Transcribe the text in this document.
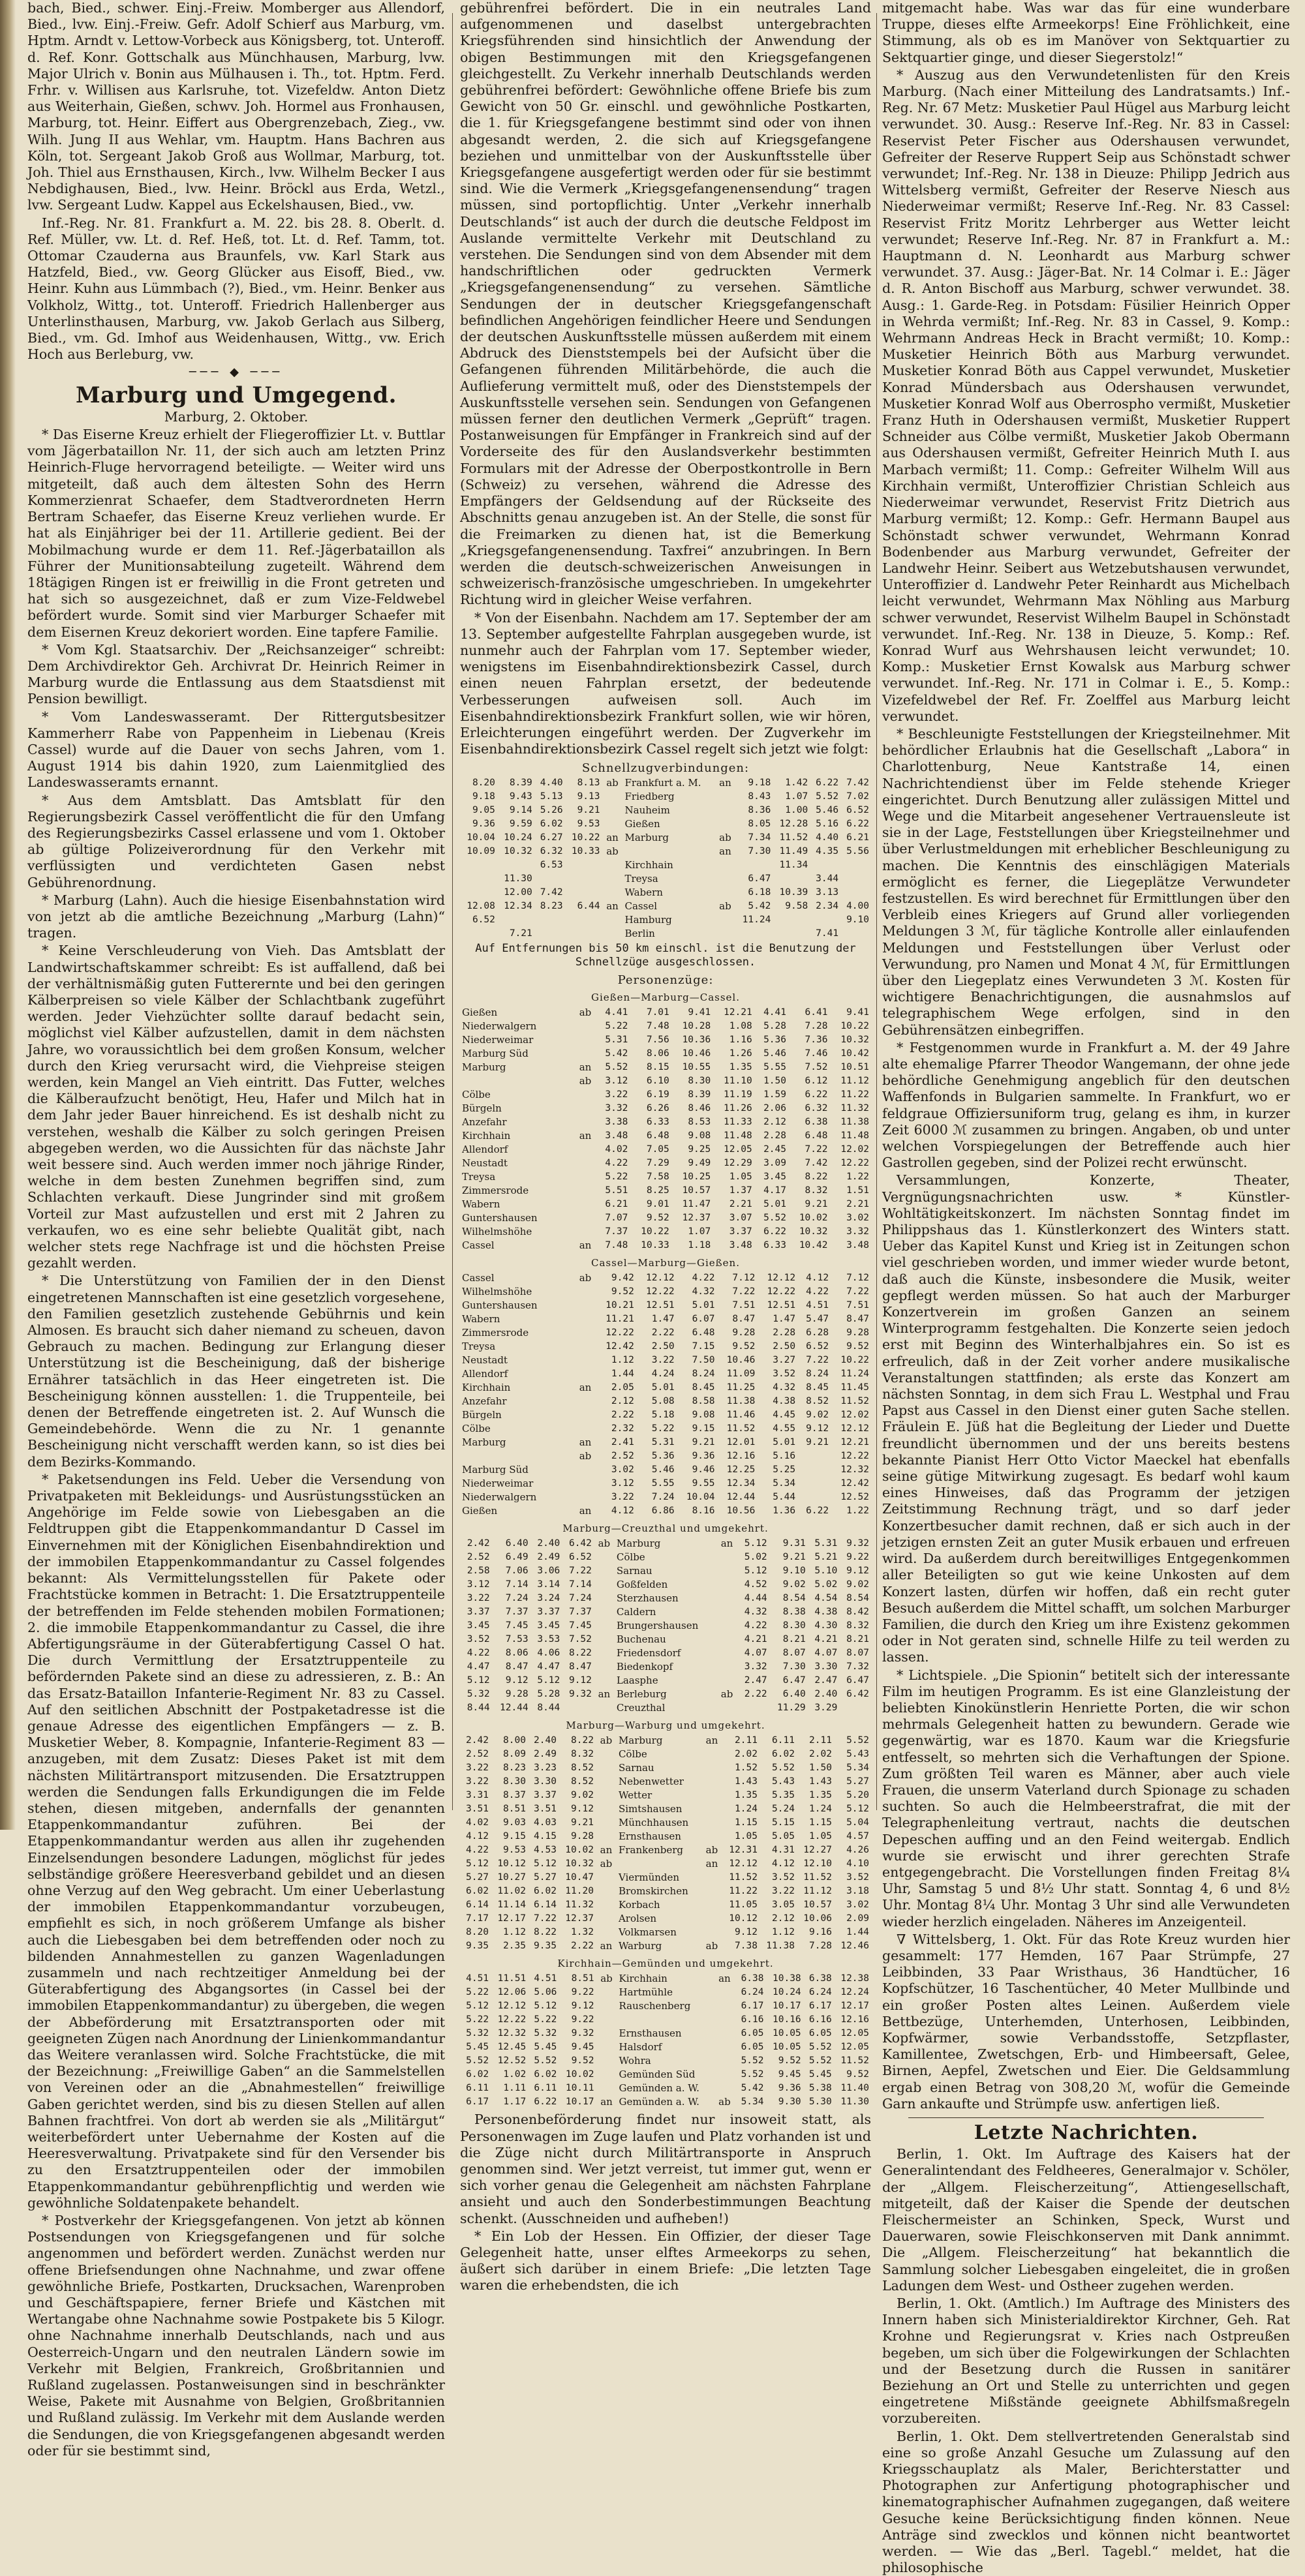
bach, Bied., schwer. Einj.-Freiw. Momberger aus Allendorf, Bied., lvw. Einj.-Freiw. Gefr. Adolf Schierf aus Marburg, vm. Hptm. Arndt v. Lettow-Vorbeck aus Königsberg, tot. Unteroff. d. Ref. Konr. Gottschalk aus Münchhausen, Marburg, lvw. Major Ulrich v. Bonin aus Mülhausen i. Th., tot. Hptm. Ferd. Frhr. v. Willisen aus Karlsruhe, tot. Vizefeldw. Anton Dietz aus Weiterhain, Gießen, schwv. Joh. Hormel aus Fronhausen, Marburg, tot. Heinr. Eiffert aus Obergrenzebach, Zieg., vw. Wilh. Jung II aus Wehlar, vm. Hauptm. Hans Bachren aus Köln, tot. Sergeant Jakob Groß aus Wollmar, Marburg, tot. Joh. Thiel aus Ernsthausen, Kirch., lvw. Wilhelm Becker I aus Nebdighausen, Bied., lvw. Heinr. Bröckl aus Erda, Wetzl., lvw. Sergeant Ludw. Kappel aus Eckelshausen, Bied., vw.

Inf.-Reg. Nr. 81. Frankfurt a. M. 22. bis 28. 8. Oberlt. d. Ref. Müller, vw. Lt. d. Ref. Heß, tot. Lt. d. Ref. Tamm, tot. Ottomar Czauderna aus Braunfels, vw. Karl Stark aus Hatzfeld, Bied., vw. Georg Glücker aus Eisoff, Bied., vw. Heinr. Kuhn aus Lümmbach (?), Bied., vm. Heinr. Benker aus Volkholz, Wittg., tot. Unteroff. Friedrich Hallenberger aus Unterlinsthausen, Marburg, vw. Jakob Gerlach aus Silberg, Bied., vm. Gd. Imhof aus Weidenhausen, Wittg., vw. Erich Hoch aus Berleburg, vw.

─── ◆ ───
Marburg und Umgegend.

Marburg, 2. Oktober.

* Das Eiserne Kreuz erhielt der Fliegeroffizier Lt. v. Buttlar vom Jägerbataillon Nr. 11, der sich auch am letzten Prinz Heinrich-Fluge hervorragend beteiligte. — Weiter wird uns mitgeteilt, daß auch dem ältesten Sohn des Herrn Kommerzienrat Schaefer, dem Stadtverordneten Herrn Bertram Schaefer, das Eiserne Kreuz verliehen wurde. Er hat als Einjähriger bei der 11. Artillerie gedient. Bei der Mobilmachung wurde er dem 11. Ref.-Jägerbataillon als Führer der Munitionsabteilung zugeteilt. Während dem 18tägigen Ringen ist er freiwillig in die Front getreten und hat sich so ausgezeichnet, daß er zum Vize-Feldwebel befördert wurde. Somit sind vier Marburger Schaefer mit dem Eisernen Kreuz dekoriert worden. Eine tapfere Familie.

* Vom Kgl. Staatsarchiv. Der „Reichsanzeiger“ schreibt: Dem Archivdirektor Geh. Archivrat Dr. Heinrich Reimer in Marburg wurde die Entlassung aus dem Staatsdienst mit Pension bewilligt.

* Vom Landeswasseramt. Der Rittergutsbesitzer Kammerherr Rabe von Pappenheim in Liebenau (Kreis Cassel) wurde auf die Dauer von sechs Jahren, vom 1. August 1914 bis dahin 1920, zum Laienmitglied des Landeswasseramts ernannt.

* Aus dem Amtsblatt. Das Amtsblatt für den Regierungsbezirk Cassel veröffentlicht die für den Umfang des Regierungsbezirks Cassel erlassene und vom 1. Oktober ab gültige Polizeiverordnung für den Verkehr mit verflüssigten und verdichteten Gasen nebst Gebührenordnung.

* Marburg (Lahn). Auch die hiesige Eisenbahnstation wird von jetzt ab die amtliche Bezeichnung „Marburg (Lahn)“ tragen.

* Keine Verschleuderung von Vieh. Das Amtsblatt der Landwirtschaftskammer schreibt: Es ist auffallend, daß bei der verhältnismäßig guten Futterernte und bei den geringen Kälberpreisen so viele Kälber der Schlachtbank zugeführt werden. Jeder Viehzüchter sollte darauf bedacht sein, möglichst viel Kälber aufzustellen, damit in dem nächsten Jahre, wo voraussichtlich bei dem großen Konsum, welcher durch den Krieg verursacht wird, die Viehpreise steigen werden, kein Mangel an Vieh eintritt. Das Futter, welches die Kälberaufzucht benötigt, Heu, Hafer und Milch hat in dem Jahr jeder Bauer hinreichend. Es ist deshalb nicht zu verstehen, weshalb die Kälber zu solch geringen Preisen abgegeben werden, wo die Aussichten für das nächste Jahr weit bessere sind. Auch werden immer noch jährige Rinder, welche in dem besten Zunehmen begriffen sind, zum Schlachten verkauft. Diese Jungrinder sind mit großem Vorteil zur Mast aufzustellen und erst mit 2 Jahren zu verkaufen, wo es eine sehr beliebte Qualität gibt, nach welcher stets rege Nachfrage ist und die höchsten Preise gezahlt werden.

* Die Unterstützung von Familien der in den Dienst eingetretenen Mannschaften ist eine gesetzlich vorgesehene, den Familien gesetzlich zustehende Gebührnis und kein Almosen. Es braucht sich daher niemand zu scheuen, davon Gebrauch zu machen. Bedingung zur Erlangung dieser Unterstützung ist die Bescheinigung, daß der bisherige Ernährer tatsächlich in das Heer eingetreten ist. Die Bescheinigung können ausstellen: 1. die Truppenteile, bei denen der Betreffende eingetreten ist. 2. Auf Wunsch die Gemeindebehörde. Wenn die zu Nr. 1 genannte Bescheinigung nicht verschafft werden kann, so ist dies bei dem Bezirks-Kommando.

* Paketsendungen ins Feld. Ueber die Versendung von Privatpaketen mit Bekleidungs- und Ausrüstungsstücken an Angehörige im Felde sowie von Liebesgaben an die Feldtruppen gibt die Etappenkommandantur D Cassel im Einvernehmen mit der Königlichen Eisenbahndirektion und der immobilen Etappenkommandantur zu Cassel folgendes bekannt: Als Vermittelungsstellen für Pakete oder Frachtstücke kommen in Betracht: 1. Die Ersatztruppenteile der betreffenden im Felde stehenden mobilen Formationen; 2. die immobile Etappenkommandantur zu Cassel, die ihre Abfertigungsräume in der Güterabfertigung Cassel O hat. Die durch Vermittlung der Ersatztruppenteile zu befördernden Pakete sind an diese zu adressieren, z. B.: An das Ersatz-Bataillon Infanterie-Regiment Nr. 83 zu Cassel. Auf den seitlichen Abschnitt der Postpaketadresse ist die genaue Adresse des eigentlichen Empfängers — z. B. Musketier Weber, 8. Kompagnie, Infanterie-Regiment 83 — anzugeben, mit dem Zusatz: Dieses Paket ist mit dem nächsten Militärtransport mitzusenden. Die Ersatztruppen werden die Sendungen falls Erkundigungen die im Felde stehen, diesen mitgeben, andernfalls der genannten Etappenkommandantur zuführen. Bei der Etappenkommandantur werden aus allen ihr zugehenden Einzelsendungen besondere Ladungen, möglichst für jedes selbständige größere Heeresverband gebildet und an diesen ohne Verzug auf den Weg gebracht. Um einer Ueberlastung der immobilen Etappenkommandantur vorzubeugen, empfiehlt es sich, in noch größerem Umfange als bisher auch die Liebesgaben bei dem betreffenden oder noch zu bildenden Annahmestellen zu ganzen Wagenladungen zusammeln und nach rechtzeitiger Anmeldung bei der Güterabfertigung des Abgangsortes (in Cassel bei der immobilen Etappenkommandantur) zu übergeben, die wegen der Abbeförderung mit Ersatztransporten oder mit geeigneten Zügen nach Anordnung der Linienkommandantur das Weitere veranlassen wird. Solche Frachtstücke, die mit der Bezeichnung: „Freiwillige Gaben“ an die Sammelstellen von Vereinen oder an die „Abnahmestellen“ freiwillige Gaben gerichtet werden, sind bis zu diesen Stellen auf allen Bahnen frachtfrei. Von dort ab werden sie als „Militärgut“ weiterbefördert unter Uebernahme der Kosten auf die Heeresverwaltung. Privatpakete sind für den Versender bis zu den Ersatztruppenteilen oder der immobilen Etappenkommandantur gebührenpflichtig und werden wie gewöhnliche Soldatenpakete behandelt.

* Postverkehr der Kriegsgefangenen. Von jetzt ab können Postsendungen von Kriegsgefangenen und für solche angenommen und befördert werden. Zunächst werden nur offene Briefsendungen ohne Nachnahme, und zwar offene gewöhnliche Briefe, Postkarten, Drucksachen, Warenproben und Geschäftspapiere, ferner Briefe und Kästchen mit Wertangabe ohne Nachnahme sowie Postpakete bis 5 Kilogr. ohne Nachnahme innerhalb Deutschlands, nach und aus Oesterreich-Ungarn und den neutralen Ländern sowie im Verkehr mit Belgien, Frankreich, Großbritannien und Rußland zugelassen. Postanweisungen sind in beschränkter Weise, Pakete mit Ausnahme von Belgien, Großbritannien und Rußland zulässig. Im Verkehr mit dem Auslande werden die Sendungen, die von Kriegsgefangenen abgesandt werden oder für sie bestimmt sind,

gebührenfrei befördert. Die in ein neutrales Land aufgenommenen und daselbst untergebrachten Kriegsführenden sind hinsichtlich der Anwendung der obigen Bestimmungen mit den Kriegsgefangenen gleichgestellt. Zu Verkehr innerhalb Deutschlands werden gebührenfrei befördert: Gewöhnliche offene Briefe bis zum Gewicht von 50 Gr. einschl. und gewöhnliche Postkarten, die 1. für Kriegsgefangene bestimmt sind oder von ihnen abgesandt werden, 2. die sich auf Kriegsgefangene beziehen und unmittelbar von der Auskunftsstelle über Kriegsgefangene ausgefertigt werden oder für sie bestimmt sind. Wie die Vermerk „Kriegsgefangenensendung“ tragen müssen, sind portopflichtig. Unter „Verkehr innerhalb Deutschlands“ ist auch der durch die deutsche Feldpost im Auslande vermittelte Verkehr mit Deutschland zu verstehen. Die Sendungen sind von dem Absender mit dem handschriftlichen oder gedruckten Vermerk „Kriegsgefangenensendung“ zu versehen. Sämtliche Sendungen der in deutscher Kriegsgefangenschaft befindlichen Angehörigen feindlicher Heere und Sendungen der deutschen Auskunftsstelle müssen außerdem mit einem Abdruck des Dienststempels bei der Aufsicht über die Gefangenen führenden Militärbehörde, die auch die Auflieferung vermittelt muß, oder des Dienststempels der Auskunftsstelle versehen sein. Sendungen von Gefangenen müssen ferner den deutlichen Vermerk „Geprüft“ tragen. Postanweisungen für Empfänger in Frankreich sind auf der Vorderseite des für den Auslandsverkehr bestimmten Formulars mit der Adresse der Oberpostkontrolle in Bern (Schweiz) zu versehen, während die Adresse des Empfängers der Geldsendung auf der Rückseite des Abschnitts genau anzugeben ist. An der Stelle, die sonst für die Freimarken zu dienen hat, ist die Bemerkung „Kriegsgefangenensendung. Taxfrei“ anzubringen. In Bern werden die deutsch-schweizerischen Anweisungen in schweizerisch-französische umgeschrieben. In umgekehrter Richtung wird in gleicher Weise verfahren.

* Von der Eisenbahn. Nachdem am 17. September der am 13. September aufgestellte Fahrplan ausgegeben wurde, ist nunmehr auch der Fahrplan vom 17. September wieder, wenigstens im Eisenbahndirektionsbezirk Cassel, durch einen neuen Fahrplan ersetzt, der bedeutende Verbesserungen aufweisen soll. Auch im Eisenbahndirektionsbezirk Frankfurt sollen, wie wir hören, Erleichterungen eingeführt werden. Der Zugverkehr im Eisenbahndirektionsbezirk Cassel regelt sich jetzt wie folgt:

Schnellzugverbindungen:
8.20	8.39	4.40	8.13	ab	Frankfurt a. M.	an	9.18	1.42	6.22	7.42
9.18	9.43	5.13	9.13		Friedberg		8.43	1.07	5.52	7.02
9.05	9.14	5.26	9.21		Nauheim		8.36	1.00	5.46	6.52
9.36	9.59	6.02	9.53		Gießen		8.05	12.28	5.16	6.22
10.04	10.24	6.27	10.22	an	Marburg	ab	7.34	11.52	4.40	6.21
10.09	10.32	6.32	10.33	ab		an	7.30	11.49	4.35	5.56
		6.53			Kirchhain			11.34		
	11.30				Treysa		6.47		3.44	
	12.00	7.42			Wabern		6.18	10.39	3.13	
12.08	12.34	8.23	6.44	an	Cassel	ab	5.42	9.58	2.34	4.00
6.52					Hamburg		11.24			9.10
	7.21				Berlin				7.41	
Auf Entfernungen bis 50 km einschl. ist die Benutzung der Schnellzüge ausgeschlossen.
Personenzüge:
Gießen—Marburg—Cassel.
Gießen	ab	4.41	7.01	9.41	12.21	4.41	6.41	9.41
Niederwalgern		5.22	7.48	10.28	1.08	5.28	7.28	10.22
Niederweimar		5.31	7.56	10.36	1.16	5.36	7.36	10.32
Marburg Süd		5.42	8.06	10.46	1.26	5.46	7.46	10.42
Marburg	an	5.52	8.15	10.55	1.35	5.55	7.52	10.51
	ab	3.12	6.10	8.30	11.10	1.50	6.12	11.12
Cölbe		3.22	6.19	8.39	11.19	1.59	6.22	11.22
Bürgeln		3.32	6.26	8.46	11.26	2.06	6.32	11.32
Anzefahr		3.38	6.33	8.53	11.33	2.12	6.38	11.38
Kirchhain	an	3.48	6.48	9.08	11.48	2.28	6.48	11.48
Allendorf		4.02	7.05	9.25	12.05	2.45	7.22	12.02
Neustadt		4.22	7.29	9.49	12.29	3.09	7.42	12.22
Treysa		5.22	7.58	10.25	1.05	3.45	8.22	1.22
Zimmersrode		5.51	8.25	10.57	1.37	4.17	8.32	1.51
Wabern		6.21	9.01	11.47	2.21	5.01	9.21	2.21
Guntershausen		7.07	9.52	12.37	3.07	5.52	10.02	3.02
Wilhelmshöhe		7.37	10.22	1.07	3.37	6.22	10.32	3.32
Cassel	an	7.48	10.33	1.18	3.48	6.33	10.42	3.48
Cassel—Marburg—Gießen.
Cassel	ab	9.42	12.12	4.22	7.12	12.12	4.12	7.12
Wilhelmshöhe		9.52	12.22	4.32	7.22	12.22	4.22	7.22
Guntershausen		10.21	12.51	5.01	7.51	12.51	4.51	7.51
Wabern		11.21	1.47	6.07	8.47	1.47	5.47	8.47
Zimmersrode		12.22	2.22	6.48	9.28	2.28	6.28	9.28
Treysa		12.42	2.50	7.15	9.52	2.50	6.52	9.52
Neustadt		1.12	3.22	7.50	10.46	3.27	7.22	10.22
Allendorf		1.44	4.24	8.24	11.09	3.52	8.24	11.24
Kirchhain	an	2.05	5.01	8.45	11.25	4.32	8.45	11.45
Anzefahr		2.12	5.08	8.58	11.38	4.38	8.52	11.52
Bürgeln		2.22	5.18	9.08	11.46	4.45	9.02	12.02
Cölbe		2.32	5.22	9.15	11.52	4.55	9.12	12.12
Marburg	an	2.41	5.31	9.21	12.01	5.01	9.21	12.21
	ab	2.52	5.36	9.36	12.16	5.16		12.22
Marburg Süd		3.02	5.46	9.46	12.25	5.25		12.32
Niederweimar		3.12	5.55	9.55	12.34	5.34		12.42
Niederwalgern		3.22	7.24	10.04	12.44	5.44		12.52
Gießen	an	4.12	6.86	8.16	10.56	1.36	6.22	1.22
Marburg—Creuzthal und umgekehrt.
2.42	6.40	2.40	6.42	ab	Marburg	an	5.12	9.31	5.31	9.32
2.52	6.49	2.49	6.52		Cölbe		5.02	9.21	5.21	9.22
2.58	7.06	3.06	7.22		Sarnau		5.12	9.10	5.10	9.12
3.12	7.14	3.14	7.14		Goßfelden		4.52	9.02	5.02	9.02
3.22	7.24	3.24	7.24		Sterzhausen		4.44	8.54	4.54	8.54
3.37	7.37	3.37	7.37		Caldern		4.32	8.38	4.38	8.42
3.45	7.45	3.45	7.45		Brungershausen		4.22	8.30	4.30	8.32
3.52	7.53	3.53	7.52		Buchenau		4.21	8.21	4.21	8.21
4.22	8.06	4.06	8.22		Friedensdorf		4.07	8.07	4.07	8.07
4.47	8.47	4.47	8.47		Biedenkopf		3.32	7.30	3.30	7.32
5.12	9.12	5.12	9.12		Laasphe		2.47	6.47	2.47	6.47
5.32	9.28	5.28	9.32	an	Berleburg	ab	2.22	6.40	2.40	6.42
8.44	12.44	8.44			Creuzthal			11.29	3.29	
Marburg—Warburg und umgekehrt.
2.42	8.00	2.40	8.22	ab	Marburg	an	2.11	6.11	2.11	5.52
2.52	8.09	2.49	8.32		Cölbe		2.02	6.02	2.02	5.43
3.22	8.23	3.23	8.52		Sarnau		1.52	5.52	1.50	5.34
3.22	8.30	3.30	8.52		Nebenwetter		1.43	5.43	1.43	5.27
3.31	8.37	3.37	9.02		Wetter		1.35	5.35	1.35	5.20
3.51	8.51	3.51	9.12		Simtshausen		1.24	5.24	1.24	5.12
4.02	9.03	4.03	9.21		Münchhausen		1.15	5.15	1.15	5.04
4.12	9.15	4.15	9.28		Ernsthausen		1.05	5.05	1.05	4.57
4.22	9.53	4.53	10.02	an	Frankenberg	ab	12.31	4.31	12.27	4.26
5.12	10.12	5.12	10.32	ab		an	12.12	4.12	12.10	4.10
5.27	10.27	5.27	10.47		Viermünden		11.52	3.52	11.52	3.52
6.02	11.02	6.02	11.20		Bromskirchen		11.22	3.22	11.12	3.18
6.14	11.14	6.14	11.32		Korbach		11.05	3.05	10.57	3.02
7.17	12.17	7.22	12.37		Arolsen		10.12	2.12	10.06	2.09
8.20	1.12	8.22	1.32		Volkmarsen		9.12	1.12	9.16	1.44
9.35	2.35	9.35	2.22	an	Warburg	ab	7.38	11.38	7.28	12.46
Kirchhain—Gemünden und umgekehrt.
4.51	11.51	4.51	8.51	ab	Kirchhain	an	6.38	10.38	6.38	12.38
5.22	12.06	5.06	9.22		Hartmühle		6.24	10.24	6.24	12.24
5.12	12.12	5.12	9.12		Rauschenberg		6.17	10.17	6.17	12.17
5.22	12.22	5.22	9.22				6.16	10.16	6.16	12.16
5.32	12.32	5.32	9.32		Ernsthausen		6.05	10.05	6.05	12.05
5.45	12.45	5.45	9.45		Halsdorf		6.05	10.05	5.52	12.05
5.52	12.52	5.52	9.52		Wohra		5.52	9.52	5.52	11.52
6.02	1.02	6.02	10.02		Gemünden Süd		5.52	9.45	5.45	9.52
6.11	1.11	6.11	10.11		Gemünden a. W.		5.42	9.36	5.38	11.40
6.17	1.17	6.22	10.17	an	Gemünden a. W.	ab	5.34	9.30	5.30	11.30

Personenbeförderung findet nur insoweit statt, als Personenwagen im Zuge laufen und Platz vorhanden ist und die Züge nicht durch Militärtransporte in Anspruch genommen sind. Wer jetzt verreist, tut immer gut, wenn er sich vorher genau die Gelegenheit am nächsten Fahrplane ansieht und auch den Sonderbestimmungen Beachtung schenkt. (Ausschneiden und aufheben!)

* Ein Lob der Hessen. Ein Offizier, der dieser Tage Gelegenheit hatte, unser elftes Armeekorps zu sehen, äußert sich darüber in einem Briefe: „Die letzten Tage waren die erhebendsten, die ich

mitgemacht habe. Was war das für eine wunderbare Truppe, dieses elfte Armeekorps! Eine Fröhlichkeit, eine Stimmung, als ob es im Manöver von Sektquartier zu Sektquartier ginge, und dieser Siegerstolz!“

* Auszug aus den Verwundetenlisten für den Kreis Marburg. (Nach einer Mitteilung des Landratsamts.) Inf.-Reg. Nr. 67 Metz: Musketier Paul Hügel aus Marburg leicht verwundet. 30. Ausg.: Reserve Inf.-Reg. Nr. 83 in Cassel: Reservist Peter Fischer aus Odershausen verwundet, Gefreiter der Reserve Ruppert Seip aus Schönstadt schwer verwundet; Inf.-Reg. Nr. 138 in Dieuze: Philipp Jedrich aus Wittelsberg vermißt, Gefreiter der Reserve Niesch aus Niederweimar vermißt; Reserve Inf.-Reg. Nr. 83 Cassel: Reservist Fritz Moritz Lehrberger aus Wetter leicht verwundet; Reserve Inf.-Reg. Nr. 87 in Frankfurt a. M.: Hauptmann d. N. Leonhardt aus Marburg schwer verwundet. 37. Ausg.: Jäger-Bat. Nr. 14 Colmar i. E.: Jäger d. R. Anton Bischoff aus Marburg, schwer verwundet. 38. Ausg.: 1. Garde-Reg. in Potsdam: Füsilier Heinrich Opper in Wehrda vermißt; Inf.-Reg. Nr. 83 in Cassel, 9. Komp.: Wehrmann Andreas Heck in Bracht vermißt; 10. Komp.: Musketier Heinrich Böth aus Marburg verwundet. Musketier Konrad Böth aus Cappel verwundet, Musketier Konrad Mündersbach aus Odershausen verwundet, Musketier Konrad Wolf aus Oberrospho vermißt, Musketier Franz Huth in Odershausen vermißt, Musketier Ruppert Schneider aus Cölbe vermißt, Musketier Jakob Obermann aus Odershausen vermißt, Gefreiter Heinrich Muth I. aus Marbach vermißt; 11. Comp.: Gefreiter Wilhelm Will aus Kirchhain vermißt, Unteroffizier Christian Schleich aus Niederweimar verwundet, Reservist Fritz Dietrich aus Marburg vermißt; 12. Komp.: Gefr. Hermann Baupel aus Schönstadt schwer verwundet, Wehrmann Konrad Bodenbender aus Marburg verwundet, Gefreiter der Landwehr Heinr. Seibert aus Wetzebutshausen verwundet, Unteroffizier d. Landwehr Peter Reinhardt aus Michelbach leicht verwundet, Wehrmann Max Nöhling aus Marburg schwer verwundet, Reservist Wilhelm Baupel in Schönstadt verwundet. Inf.-Reg. Nr. 138 in Dieuze, 5. Komp.: Ref. Konrad Wurf aus Wehrshausen leicht verwundet; 10. Komp.: Musketier Ernst Kowalsk aus Marburg schwer verwundet. Inf.-Reg. Nr. 171 in Colmar i. E., 5. Komp.: Vizefeldwebel der Ref. Fr. Zoelffel aus Marburg leicht verwundet.

* Beschleunigte Feststellungen der Kriegsteilnehmer. Mit behördlicher Erlaubnis hat die Gesellschaft „Labora“ in Charlottenburg, Neue Kantstraße 14, einen Nachrichtendienst über im Felde stehende Krieger eingerichtet. Durch Benutzung aller zulässigen Mittel und Wege und die Mitarbeit angesehener Vertrauensleute ist sie in der Lage, Feststellungen über Kriegsteilnehmer und über Verlustmeldungen mit erheblicher Beschleunigung zu machen. Die Kenntnis des einschlägigen Materials ermöglicht es ferner, die Liegeplätze Verwundeter festzustellen. Es wird berechnet für Ermittlungen über den Verbleib eines Kriegers auf Grund aller vorliegenden Meldungen 3 ℳ, für tägliche Kontrolle aller einlaufenden Meldungen und Feststellungen über Verlust oder Verwundung, pro Namen und Monat 4 ℳ, für Ermittlungen über den Liegeplatz eines Verwundeten 3 ℳ. Kosten für wichtigere Benachrichtigungen, die ausnahmslos auf telegraphischem Wege erfolgen, sind in den Gebührensätzen einbegriffen.

* Festgenommen wurde in Frankfurt a. M. der 49 Jahre alte ehemalige Pfarrer Theodor Wangemann, der ohne jede behördliche Genehmigung angeblich für den deutschen Waffenfonds in Bulgarien sammelte. In Frankfurt, wo er feldgraue Offiziersuniform trug, gelang es ihm, in kurzer Zeit 6000 ℳ zusammen zu bringen. Angaben, ob und unter welchen Vorspiegelungen der Betreffende auch hier Gastrollen gegeben, sind der Polizei recht erwünscht.

Versammlungen, Konzerte, Theater, Vergnügungsnachrichten usw. * Künstler-Wohltätigkeitskonzert. Im nächsten Sonntag findet im Philippshaus das 1. Künstlerkonzert des Winters statt. Ueber das Kapitel Kunst und Krieg ist in Zeitungen schon viel geschrieben worden, und immer wieder wurde betont, daß auch die Künste, insbesondere die Musik, weiter gepflegt werden müssen. So hat auch der Marburger Konzertverein im großen Ganzen an seinem Winterprogramm festgehalten. Die Konzerte seien jedoch erst mit Beginn des Winterhalbjahres ein. So ist es erfreulich, daß in der Zeit vorher andere musikalische Veranstaltungen stattfinden; als erste das Konzert am nächsten Sonntag, in dem sich Frau L. Westphal und Frau Papst aus Cassel in den Dienst einer guten Sache stellen. Fräulein E. Jüß hat die Begleitung der Lieder und Duette freundlicht übernommen und der uns bereits bestens bekannte Pianist Herr Otto Victor Maeckel hat ebenfalls seine gütige Mitwirkung zugesagt. Es bedarf wohl kaum eines Hinweises, daß das Programm der jetzigen Zeitstimmung Rechnung trägt, und so darf jeder Konzertbesucher damit rechnen, daß er sich auch in der jetzigen ernsten Zeit an guter Musik erbauen und erfreuen wird. Da außerdem durch bereitwilliges Entgegenkommen aller Beteiligten so gut wie keine Unkosten auf dem Konzert lasten, dürfen wir hoffen, daß ein recht guter Besuch außerdem die Mittel schafft, um solchen Marburger Familien, die durch den Krieg um ihre Existenz gekommen oder in Not geraten sind, schnelle Hilfe zu teil werden zu lassen.

* Lichtspiele. „Die Spionin“ betitelt sich der interessante Film im heutigen Programm. Es ist eine Glanzleistung der beliebten Kinokünstlerin Henriette Porten, die wir schon mehrmals Gelegenheit hatten zu bewundern. Gerade wie gegenwärtig, war es 1870. Kaum war die Kriegsfurie entfesselt, so mehrten sich die Verhaftungen der Spione. Zum größten Teil waren es Männer, aber auch viele Frauen, die unserm Vaterland durch Spionage zu schaden suchten. So auch die Helmbeerstrafrat, die mit der Telegraphenleitung vertraut, nachts die deutschen Depeschen auffing und an den Feind weitergab. Endlich wurde sie erwischt und ihrer gerechten Strafe entgegengebracht. Die Vorstellungen finden Freitag 8¼ Uhr, Samstag 5 und 8½ Uhr statt. Sonntag 4, 6 und 8½ Uhr. Montag 8¼ Uhr. Montag 3 Uhr sind alle Verwundeten wieder herzlich eingeladen. Näheres im Anzeigenteil.

∇ Wittelsberg, 1. Okt. Für das Rote Kreuz wurden hier gesammelt: 177 Hemden, 167 Paar Strümpfe, 27 Leibbinden, 33 Paar Wristhaus, 36 Handtücher, 16 Kopfschützer, 16 Taschentücher, 40 Meter Mullbinde und ein großer Posten altes Leinen. Außerdem viele Bettbezüge, Unterhemden, Unterhosen, Leibbinden, Kopfwärmer, sowie Verbandsstoffe, Setzpflaster, Kamillentee, Zwetschgen, Erb- und Himbeersaft, Gelee, Birnen, Aepfel, Zwetschen und Eier. Die Geldsammlung ergab einen Betrag von 308,20 ℳ, wofür die Gemeinde Garn ankaufte und Strümpfe usw. anfertigen ließ.

Letzte Nachrichten.

Berlin, 1. Okt. Im Auftrage des Kaisers hat der Generalintendant des Feldheeres, Generalmajor v. Schöler, der „Allgem. Fleischerzeitung“, Attiengesellschaft, mitgeteilt, daß der Kaiser die Spende der deutschen Fleischermeister an Schinken, Speck, Wurst und Dauerwaren, sowie Fleischkonserven mit Dank annimmt. Die „Allgem. Fleischerzeitung“ hat bekanntlich die Sammlung solcher Liebesgaben eingeleitet, die in großen Ladungen dem West- und Ostheer zugehen werden.

Berlin, 1. Okt. (Amtlich.) Im Auftrage des Ministers des Innern haben sich Ministerialdirektor Kirchner, Geh. Rat Krohne und Regierungsrat v. Kries nach Ostpreußen begeben, um sich über die Folgewirkungen der Schlachten und der Besetzung durch die Russen in sanitärer Beziehung an Ort und Stelle zu unterrichten und gegen eingetretene Mißstände geeignete Abhilfsmaßregeln vorzubereiten.

Berlin, 1. Okt. Dem stellvertretenden Generalstab sind eine so große Anzahl Gesuche um Zulassung auf den Kriegsschauplatz als Maler, Berichterstatter und Photographen zur Anfertigung photographischer und kinematographischer Aufnahmen zugegangen, daß weitere Gesuche keine Berücksichtigung finden können. Neue Anträge sind zwecklos und können nicht beantwortet werden. — Wie das „Berl. Tagebl.“ meldet, hat die philosophische
